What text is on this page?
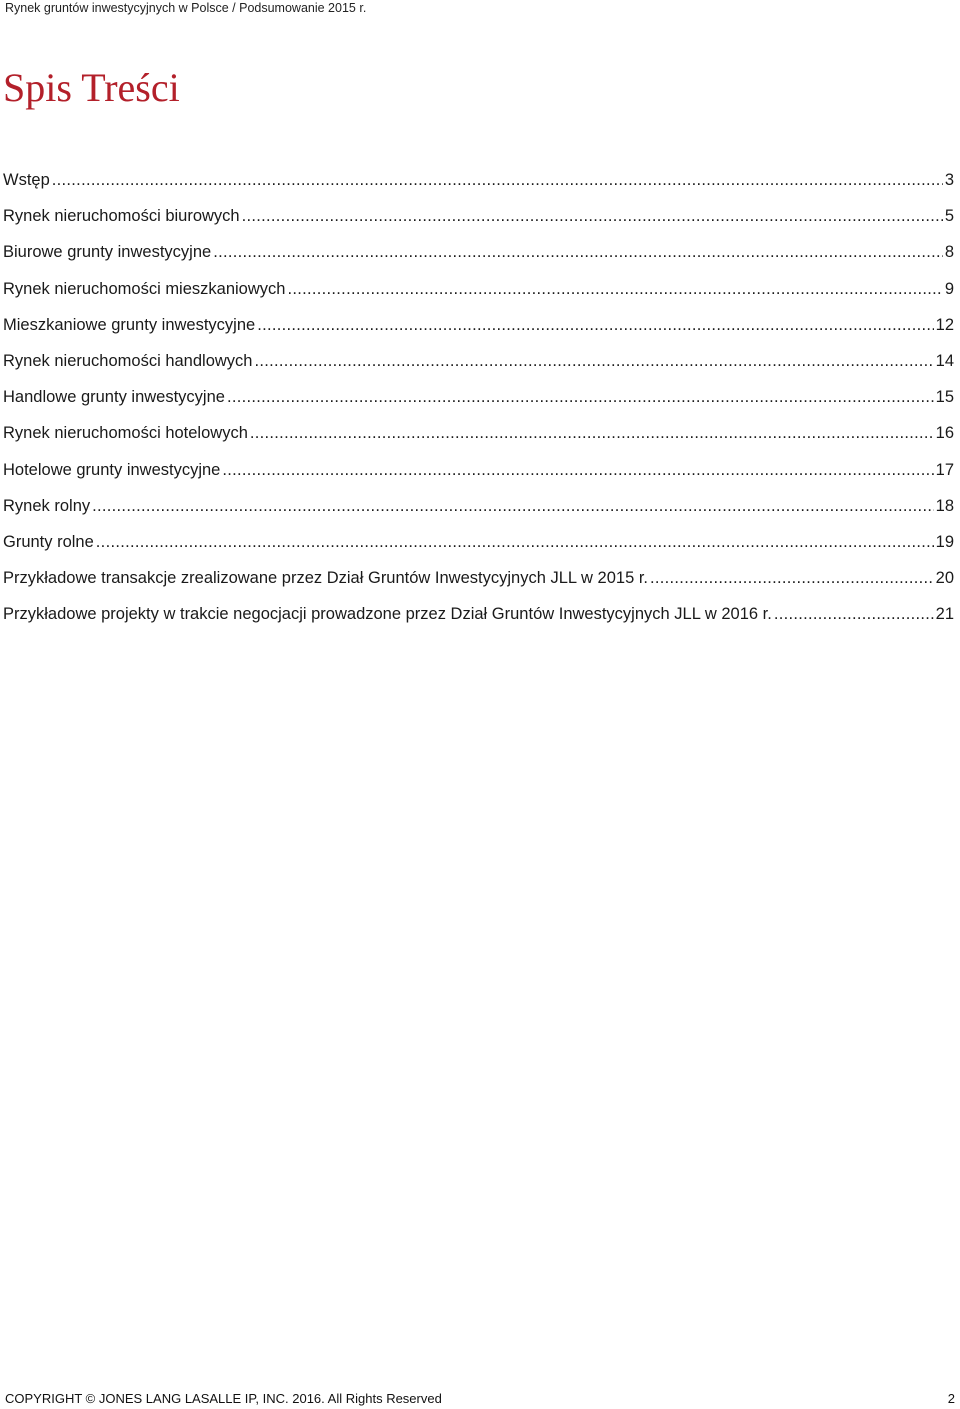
Rynek gruntów inwestycyjnych w Polsce / Podsumowanie 2015 r.
Spis Treści
Wstęp .....	3
Rynek nieruchomości biurowych .....	5
Biurowe grunty inwestycyjne .....	8
Rynek nieruchomości mieszkaniowych .....	9
Mieszkaniowe grunty inwestycyjne .....	12
Rynek nieruchomości handlowych .....	14
Handlowe grunty inwestycyjne .....	15
Rynek nieruchomości hotelowych .....	16
Hotelowe grunty inwestycyjne .....	17
Rynek rolny .....	18
Grunty rolne .....	19
Przykładowe transakcje zrealizowane przez Dział Gruntów Inwestycyjnych JLL w 2015 r. .....	20
Przykładowe projekty w trakcie negocjacji prowadzone przez Dział Gruntów Inwestycyjnych JLL w 2016 r. .....	21
COPYRIGHT © JONES LANG LASALLE IP, INC. 2016. All Rights Reserved	2
